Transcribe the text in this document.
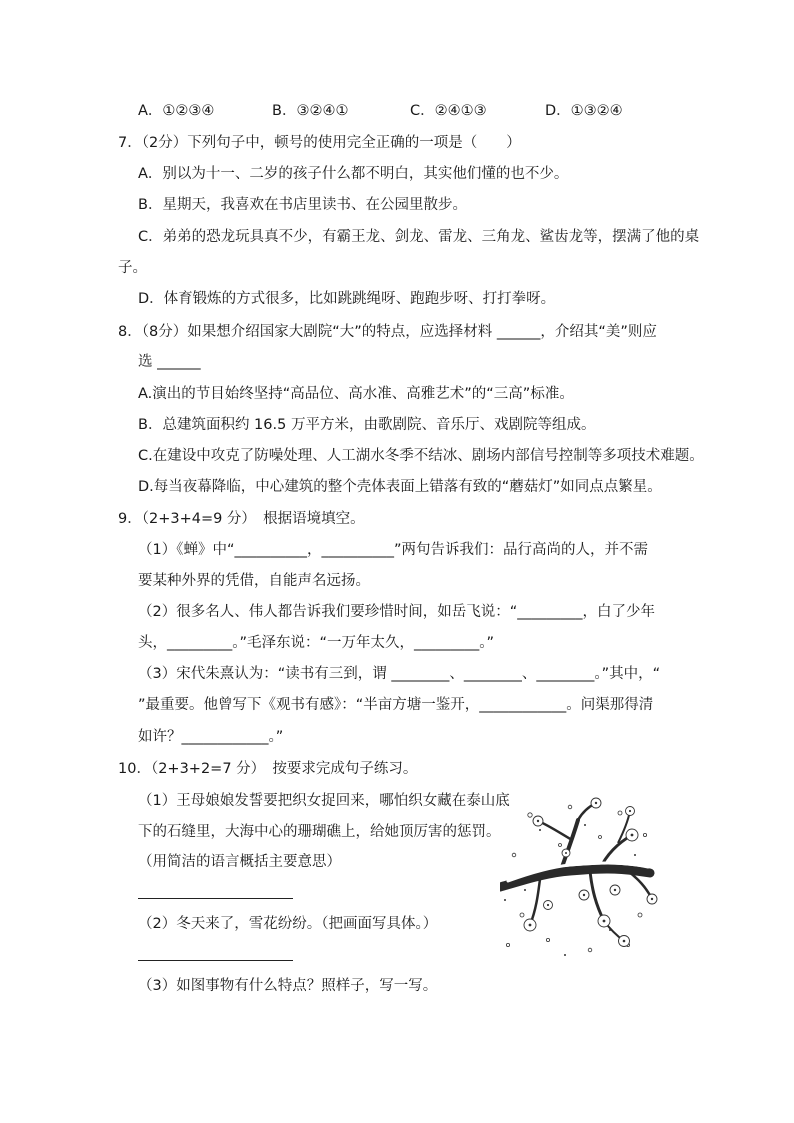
A．①②③④	B．③②④①	C．②④①③	D．①③②④
7．（2分）下列句子中，顿号的使用完全正确的一项是（　　）
A．别以为十一、二岁的孩子什么都不明白，其实他们懂的也不少。
B．星期天，我喜欢在书店里读书、在公园里散步。
C．弟弟的恐龙玩具真不少，有霸王龙、剑龙、雷龙、三角龙、鲨齿龙等，摆满了他的桌
子。
D．体育锻炼的方式很多，比如跳跳绳呀、跑跑步呀、打打拳呀。
8．（8分）如果想介绍国家大剧院“大”的特点，应选择材料 ______，介绍其“美”则应
选 ______
A.演出的节目始终坚持“高品位、高水准、高雅艺术”的“三高”标准。
B．总建筑面积约 16.5 万平方米，由歌剧院、音乐厅、戏剧院等组成。
C.在建设中攻克了防噪处理、人工湖水冬季不结冰、剧场内部信号控制等多项技术难题。
D.每当夜幕降临，中心建筑的整个壳体表面上错落有致的“蘑菇灯”如同点点繁星。
9．（2+3+4=9 分）　根据语境填空。
（1）《蝉》中“__________，__________”两句告诉我们：品行高尚的人，并不需
要某种外界的凭借，自能声名远扬。
（2）很多名人、伟人都告诉我们要珍惜时间，如岳飞说：“_________，白了少年
头，_________。”毛泽东说：“一万年太久，_________。”
（3）宋代朱熹认为：“读书有三到，谓 ________、________、________。”其中，“
”最重要。他曾写下《观书有感》：“半亩方塘一鉴开，____________。问渠那得清
如许？____________。”
10．（2+3+2=7 分）　按要求完成句子练习。
（1）王母娘娘发誓要把织女捉回来，哪怕织女藏在泰山底
下的石缝里，大海中心的珊瑚礁上，给她顶厉害的惩罚。
（用简洁的语言概括主要意思）
（2）冬天来了，雪花纷纷。（把画面写具体。）
（3）如图事物有什么特点？照样子，写一写。
